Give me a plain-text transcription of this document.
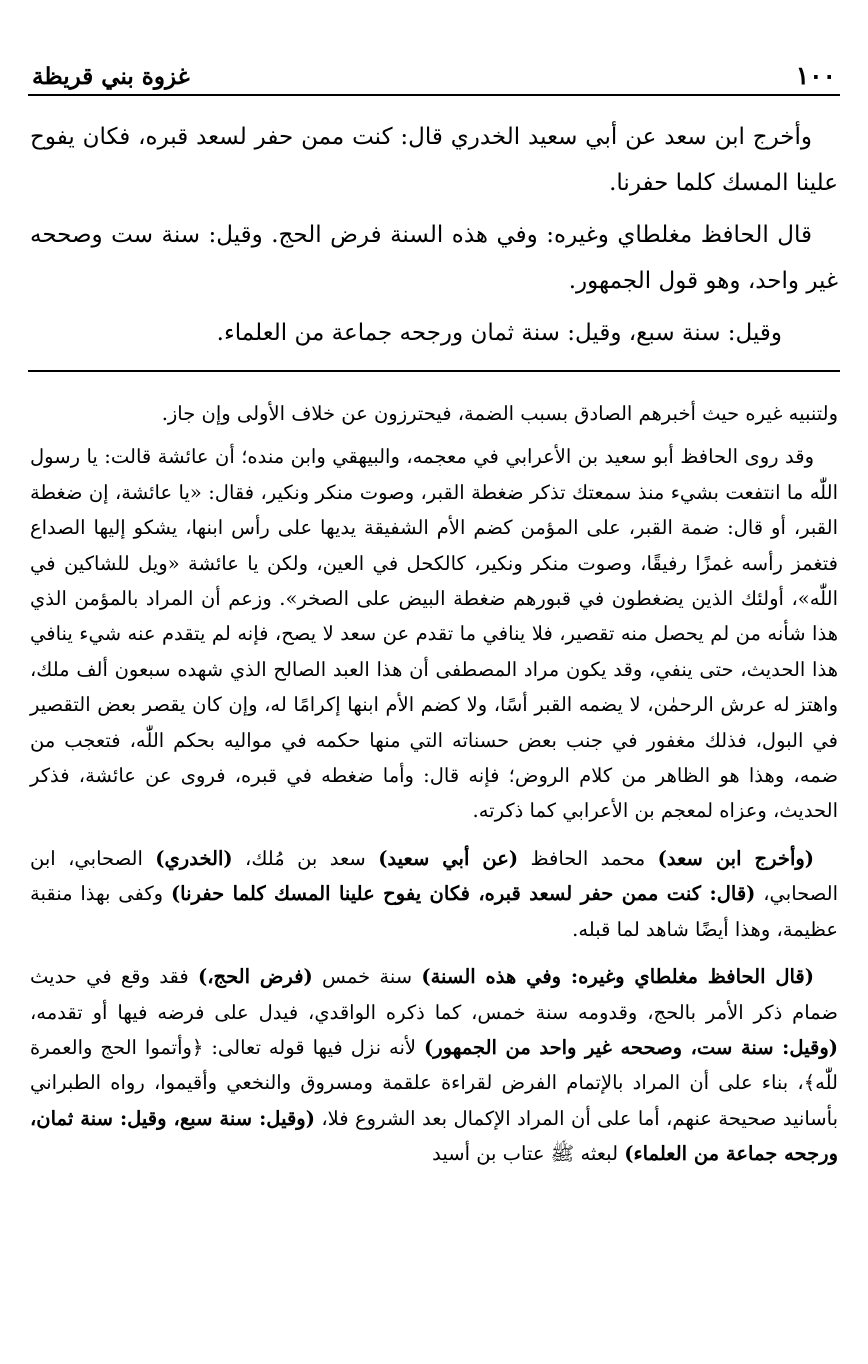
١٠٠
غزوة بني قريظة

وأخرج ابن سعد عن أبي سعيد الخدري قال: كنت ممن حفر لسعد قبره، فكان يفوح علينا المسك كلما حفرنا.

قال الحافظ مغلطاي وغيره: وفي هذه السنة فرض الحج. وقيل: سنة ست وصححه غير واحد، وهو قول الجمهور.

وقيل: سنة سبع، وقيل: سنة ثمان ورجحه جماعة من العلماء.

ولتنبيه غيره حيث أخبرهم الصادق بسبب الضمة، فيحترزون عن خلاف الأولى وإن جاز.

وقد روى الحافظ أبو سعيد بن الأعرابي في معجمه، والبيهقي وابن منده؛ أن عائشة قالت: يا رسول اللّٰه ما انتفعت بشيء منذ سمعتك تذكر ضغطة القبر، وصوت منكر ونكير، فقال: «يا عائشة، إن ضغطة القبر، أو قال: ضمة القبر، على المؤمن كضم الأم الشفيقة يديها على رأس ابنها، يشكو إليها الصداع فتغمز رأسه غمزًا رفيقًا، وصوت منكر ونكير، كالكحل في العين، ولكن يا عائشة «ويل للشاكين في اللّٰه»، أولئك الذين يضغطون في قبورهم ضغطة البيض على الصخر». وزعم أن المراد بالمؤمن الذي هذا شأنه من لم يحصل منه تقصير، فلا ينافي ما تقدم عن سعد لا يصح، فإنه لم يتقدم عنه شيء ينافي هذا الحديث، حتى ينفي، وقد يكون مراد المصطفى أن هذا العبد الصالح الذي شهده سبعون ألف ملك، واهتز له عرش الرحمٰن، لا يضمه القبر أسًا، ولا كضم الأم ابنها إكرامًا له، وإن كان يقصر بعض التقصير في البول، فذلك مغفور في جنب بعض حسناته التي منها حكمه في مواليه بحكم اللّٰه، فتعجب من ضمه، وهذا هو الظاهر من كلام الروض؛ فإنه قال: وأما ضغطه في قبره، فروى عن عائشة، فذكر الحديث، وعزاه لمعجم بن الأعرابي كما ذكرته.

(وأخرج ابن سعد) محمد الحافظ (عن أبي سعيد) سعد بن مُلك، (الخدري) الصحابي، ابن الصحابي، (قال: كنت ممن حفر لسعد قبره، فكان يفوح علينا المسك كلما حفرنا) وكفى بهذا منقبة عظيمة، وهذا أيضًا شاهد لما قبله.

(قال الحافظ مغلطاي وغيره: وفي هذه السنة) سنة خمس (فرض الحج،) فقد وقع في حديث ضمام ذكر الأمر بالحج، وقدومه سنة خمس، كما ذكره الواقدي، فيدل على فرضه فيها أو تقدمه، (وقيل: سنة ست، وصححه غير واحد من الجمهور) لأنه نزل فيها قوله تعالى: ﴿وأتموا الحج والعمرة للّٰه﴾، بناء على أن المراد بالإتمام الفرض لقراءة علقمة ومسروق والنخعي وأقيموا، رواه الطبراني بأسانيد صحيحة عنهم، أما على أن المراد الإكمال بعد الشروع فلا، (وقيل: سنة سبع، وقيل: سنة ثمان، ورجحه جماعة من العلماء) لبعثه ﷺ عتاب بن أسيد
